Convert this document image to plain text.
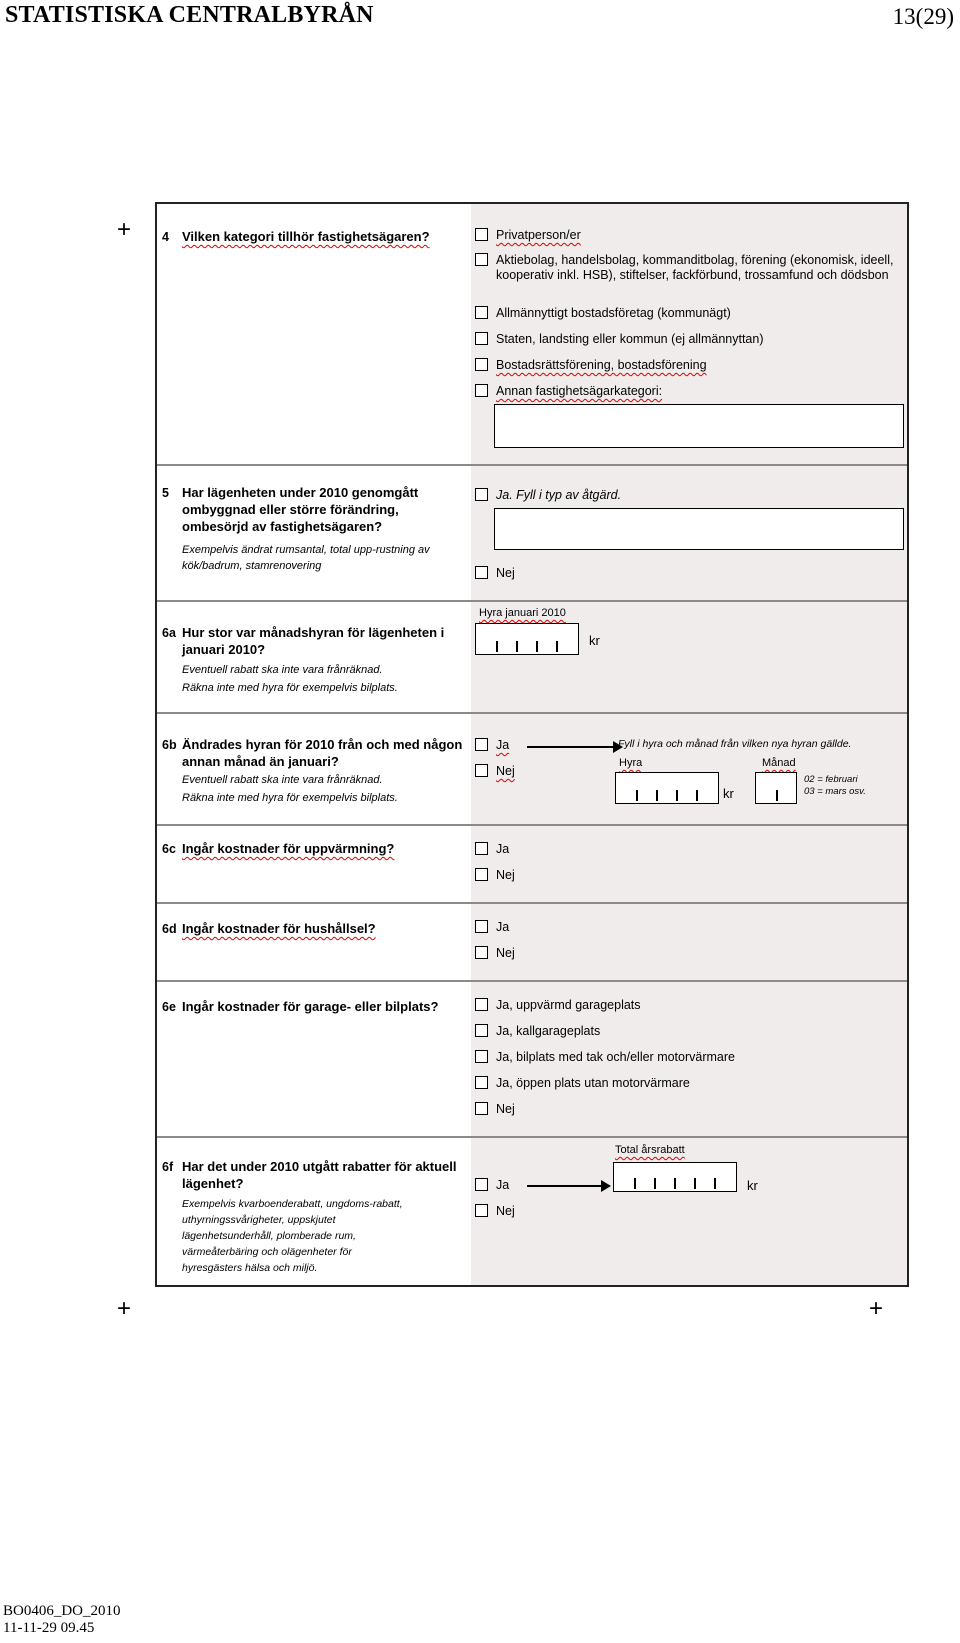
STATISTISKA CENTRALBYRÅN	13(29)
+
+	+
4 Vilken kategori tillhör fastighetsägaren?	Privatperson/er
Aktiebolag, handelsbolag, kommanditbolag, förening (ekonomisk, ideell, kooperativ inkl. HSB), stiftelser, fackförbund, trossamfund och dödsbon
Allmännyttigt bostadsföretag (kommunägt)
Staten, landsting eller kommun (ej allmännyttan)
Bostadsrättsförening, bostadsförening
Annan fastighetsägarkategori:
5 Har lägenheten under 2010 genomgått ombyggnad eller större förändring, ombesörjd av fastighetsägaren?
Exempelvis ändrat rumsantal, total upp-rustning av kök/badrum, stamrenovering
Ja. Fyll i typ av åtgärd.
Nej
6a Hur stor var månadshyran för lägenheten i januari 2010?
Eventuell rabatt ska inte vara frånräknad.
Räkna inte med hyra för exempelvis bilplats.
Hyra januari 2010
kr
6b Ändrades hyran för 2010 från och med någon annan månad än januari?
Eventuell rabatt ska inte vara frånräknad.
Räkna inte med hyra för exempelvis bilplats.
Ja	Fyll i hyra och månad från vilken nya hyran gällde.
Nej
Hyra	Månad
kr
02 = februari
03 = mars osv.
6c Ingår kostnader för uppvärmning?	Ja
Nej
6d Ingår kostnader för hushållsel?	Ja
Nej
6e Ingår kostnader för garage- eller bilplats?	Ja, uppvärmd garageplats
Ja, kallgarageplats
Ja, bilplats med tak och/eller motorvärmare
Ja, öppen plats utan motorvärmare
Nej
6f Har det under 2010 utgått rabatter för aktuell lägenhet?
Exempelvis kvarboenderabatt, ungdoms-rabatt, uthyrningssvårigheter, uppskjutet lägenhetsunderhåll, plomberade rum, värmeåterbäring och olägenheter för hyresgästers hälsa och miljö.
Total årsrabatt
Ja	kr
Nej
BO0406_DO_2010
11-11-29 09.45
